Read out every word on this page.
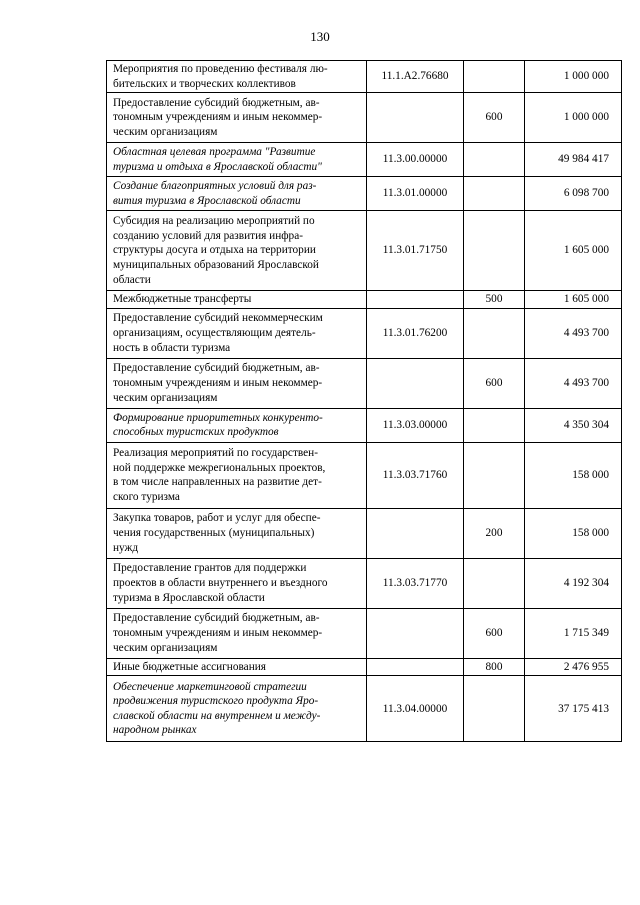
130
Мероприятия по проведению фестиваля лю-
бительских и творческих коллективов	11.1.A2.76680		1 000 000
Предоставление субсидий бюджетным, ав-
тономным учреждениям и иным некоммер-
ческим организациям		600	1 000 000
Областная целевая программа "Развитие
туризма и отдыха в Ярославской области"	11.3.00.00000		49 984 417
Создание благоприятных условий для раз-
вития туризма в Ярославской области	11.3.01.00000		6 098 700
Субсидия на реализацию мероприятий по
созданию условий для развития инфра-
структуры досуга и отдыха на территории
муниципальных образований Ярославской
области	11.3.01.71750		1 605 000
Межбюджетные трансферты		500	1 605 000
Предоставление субсидий некоммерческим
организациям, осуществляющим деятель-
ность в области туризма	11.3.01.76200		4 493 700
Предоставление субсидий бюджетным, ав-
тономным учреждениям и иным некоммер-
ческим организациям		600	4 493 700
Формирование приоритетных конкуренто-
способных туристских продуктов	11.3.03.00000		4 350 304
Реализация мероприятий по государствен-
ной поддержке межрегиональных проектов,
в том числе направленных на развитие дет-
ского туризма	11.3.03.71760		158 000
Закупка товаров, работ и услуг для обеспе-
чения государственных (муниципальных)
нужд		200	158 000
Предоставление грантов для поддержки
проектов в области внутреннего и въездного
туризма в Ярославской области	11.3.03.71770		4 192 304
Предоставление субсидий бюджетным, ав-
тономным учреждениям и иным некоммер-
ческим организациям		600	1 715 349
Иные бюджетные ассигнования		800	2 476 955
Обеспечение маркетинговой стратегии
продвижения туристского продукта Яро-
славской области на внутреннем и между-
народном рынках	11.3.04.00000		37 175 413
